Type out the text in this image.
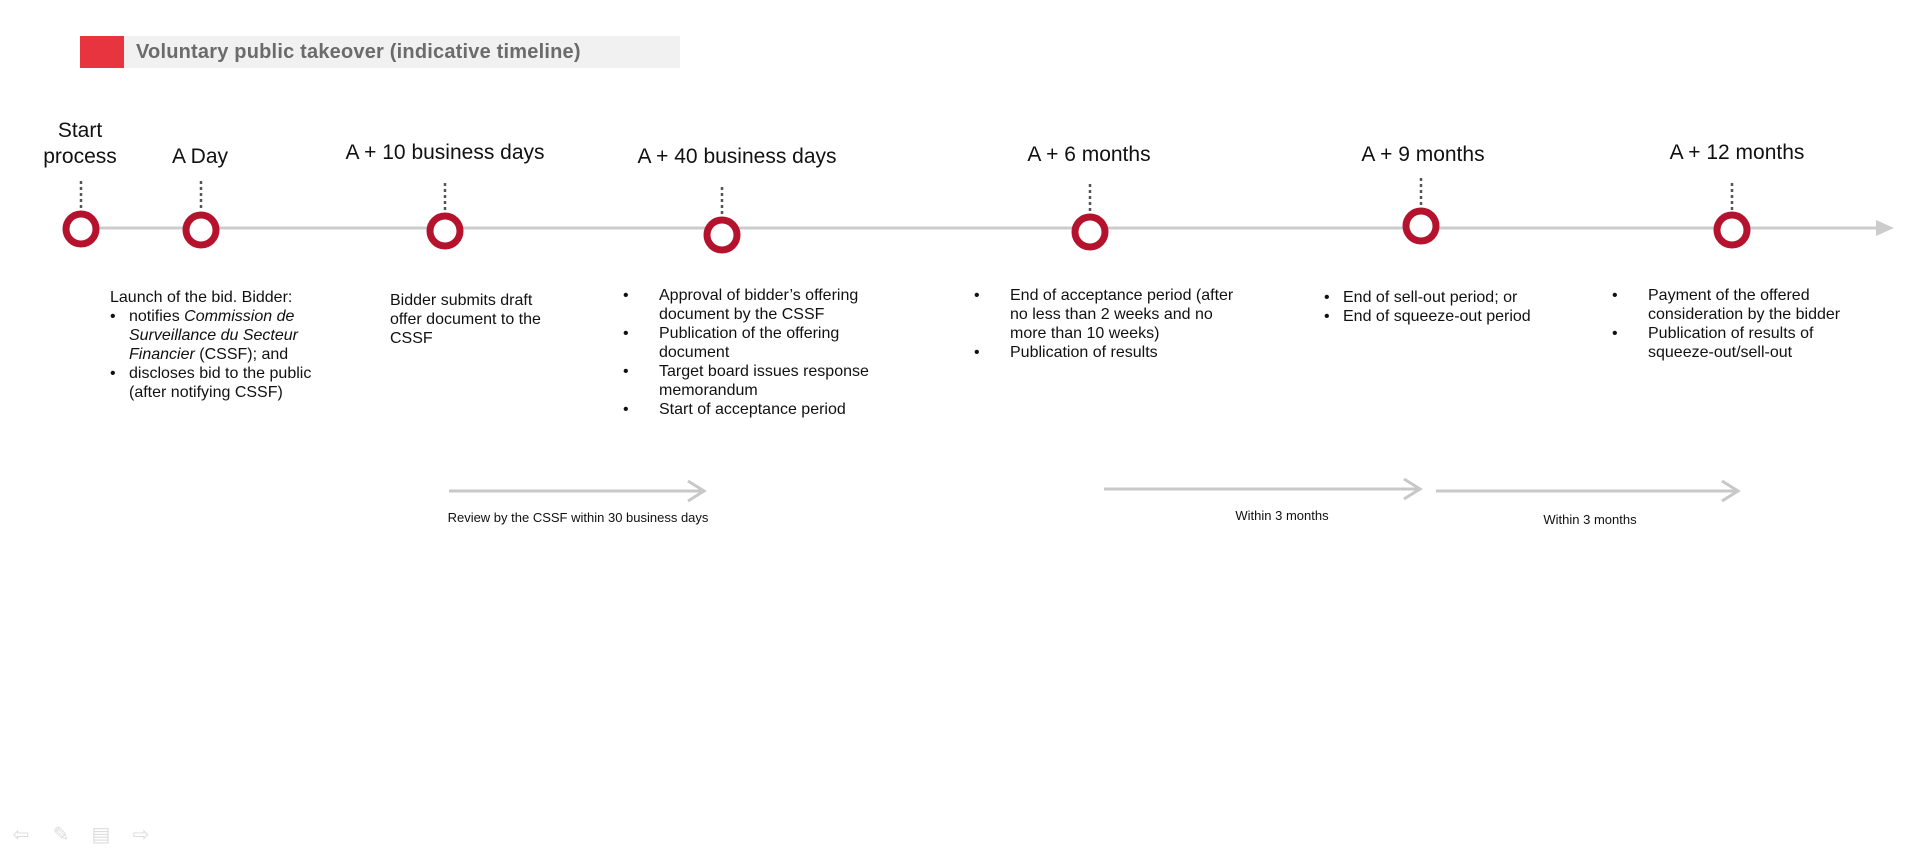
Voluntary public takeover (indicative timeline)
Start
process	A Day	A + 10 business days	A + 40 business days	A + 6 months	A + 9 months	A + 12 months
Launch of the bid. Bidder:
• notifies Commission de Surveillance du Secteur Financier (CSSF); and
• discloses bid to the public (after notifying CSSF)
Bidder submits draft offer document to the CSSF
• Approval of bidder’s offering document by the CSSF
• Publication of the offering document
• Target board issues response memorandum
• Start of acceptance period
• End of acceptance period (after no less than 2 weeks and no more than 10 weeks)
• Publication of results
• End of sell-out period; or
• End of squeeze-out period
• Payment of the offered consideration by the bidder
• Publication of results of squeeze-out/sell-out
Review by the CSSF within 30 business days	Within 3 months	Within 3 months
⇦ ✎ ▤ ⇨
